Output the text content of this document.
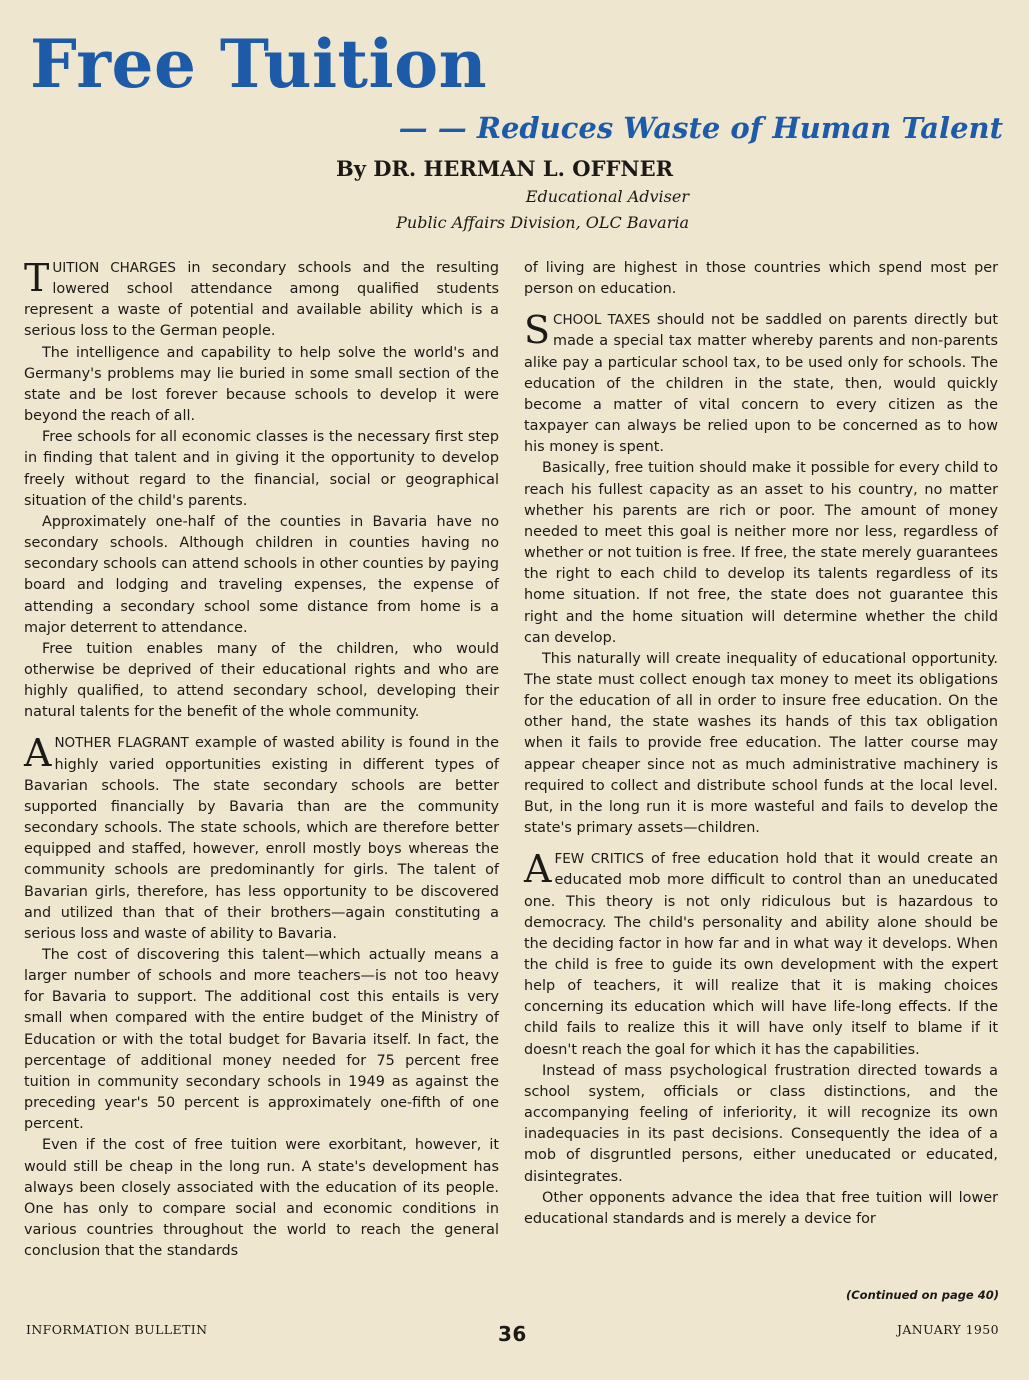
Free Tuition
— — Reduces Waste of Human Talent
By DR. HERMAN L. OFFNER
Educational Adviser
Public Affairs Division, OLC Bavaria

TUITION CHARGES in secondary schools and the resulting lowered school attendance among qualified students represent a waste of potential and available ability which is a serious loss to the German people.

The intelligence and capability to help solve the world's and Germany's problems may lie buried in some small section of the state and be lost forever because schools to develop it were beyond the reach of all.

Free schools for all economic classes is the necessary first step in finding that talent and in giving it the opportunity to develop freely without regard to the financial, social or geographical situation of the child's parents.

Approximately one-half of the counties in Bavaria have no secondary schools. Although children in counties having no secondary schools can attend schools in other counties by paying board and lodging and traveling expenses, the expense of attending a secondary school some distance from home is a major deterrent to attendance.

Free tuition enables many of the children, who would otherwise be deprived of their educational rights and who are highly qualified, to attend secondary school, developing their natural talents for the benefit of the whole community.

ANOTHER FLAGRANT example of wasted ability is found in the highly varied opportunities existing in different types of Bavarian schools. The state secondary schools are better supported financially by Bavaria than are the community secondary schools. The state schools, which are therefore better equipped and staffed, however, enroll mostly boys whereas the community schools are predominantly for girls. The talent of Bavarian girls, therefore, has less opportunity to be discovered and utilized than that of their brothers—again constituting a serious loss and waste of ability to Bavaria.

The cost of discovering this talent—which actually means a larger number of schools and more teachers—is not too heavy for Bavaria to support. The additional cost this entails is very small when compared with the entire budget of the Ministry of Education or with the total budget for Bavaria itself. In fact, the percentage of additional money needed for 75 percent free tuition in community secondary schools in 1949 as against the preceding year's 50 percent is approximately one-fifth of one percent.

Even if the cost of free tuition were exorbitant, however, it would still be cheap in the long run. A state's development has always been closely associated with the education of its people. One has only to compare social and economic conditions in various countries throughout the world to reach the general conclusion that the standards

of living are highest in those countries which spend most per person on education.

SCHOOL TAXES should not be saddled on parents directly but made a special tax matter whereby parents and non-parents alike pay a particular school tax, to be used only for schools. The education of the children in the state, then, would quickly become a matter of vital concern to every citizen as the taxpayer can always be relied upon to be concerned as to how his money is spent.

Basically, free tuition should make it possible for every child to reach his fullest capacity as an asset to his country, no matter whether his parents are rich or poor. The amount of money needed to meet this goal is neither more nor less, regardless of whether or not tuition is free. If free, the state merely guarantees the right to each child to develop its talents regardless of its home situation. If not free, the state does not guarantee this right and the home situation will determine whether the child can develop.

This naturally will create inequality of educational opportunity. The state must collect enough tax money to meet its obligations for the education of all in order to insure free education. On the other hand, the state washes its hands of this tax obligation when it fails to provide free education. The latter course may appear cheaper since not as much administrative machinery is required to collect and distribute school funds at the local level. But, in the long run it is more wasteful and fails to develop the state's primary assets—children.

AFEW CRITICS of free education hold that it would create an educated mob more difficult to control than an uneducated one. This theory is not only ridiculous but is hazardous to democracy. The child's personality and ability alone should be the deciding factor in how far and in what way it develops. When the child is free to guide its own development with the expert help of teachers, it will realize that it is making choices concerning its education which will have life-long effects. If the child fails to realize this it will have only itself to blame if it doesn't reach the goal for which it has the capabilities.

Instead of mass psychological frustration directed towards a school system, officials or class distinctions, and the accompanying feeling of inferiority, it will recognize its own inadequacies in its past decisions. Consequently the idea of a mob of disgruntled persons, either uneducated or educated, disintegrates.

Other opponents advance the idea that free tuition will lower educational standards and is merely a device for

(Continued on page 40)
INFORMATION BULLETIN	36	JANUARY 1950
